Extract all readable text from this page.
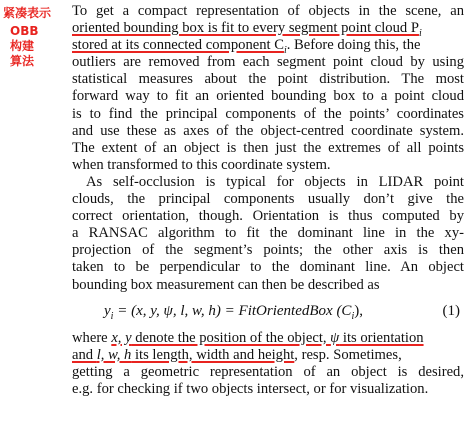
紧凑表示
OBB
构建
算法
To get a compact representation of objects in the scene, an
oriented bounding box is fit to every segment point cloud $P_i$
stored at its connected component $C_i$ . Before doing this, the
outliers are removed from each segment point cloud by using
statistical measures about the point distribution. The most
forward way to fit an oriented bounding box to a point cloud
is to find the principal components of the points’ coordinates
and use these as axes of the object-centred coordinate system.
The extent of an object is then just the extremes of all points
when transformed to this coordinate system.
As self-occlusion is typical for objects in LIDAR point
clouds, the principal components usually don’t give the
correct orientation, though. Orientation is thus computed by
a RANSAC algorithm to fit the dominant line in the xy-
projection of the segment’s points; the other axis is then
taken to be perpendicular to the dominant line. An object
bounding box measurement can then be described as
$y_i = (x$, y, ψ, l, w, h) = FitOrientedBox $(C_i)$,	(1)
where x, y denote the position of the object, ψ its orientation
and l, w, h its length, width and height , resp. Sometimes,
getting a geometric representation of an object is desired,
e.g. for checking if two objects intersect, or for visualization.
